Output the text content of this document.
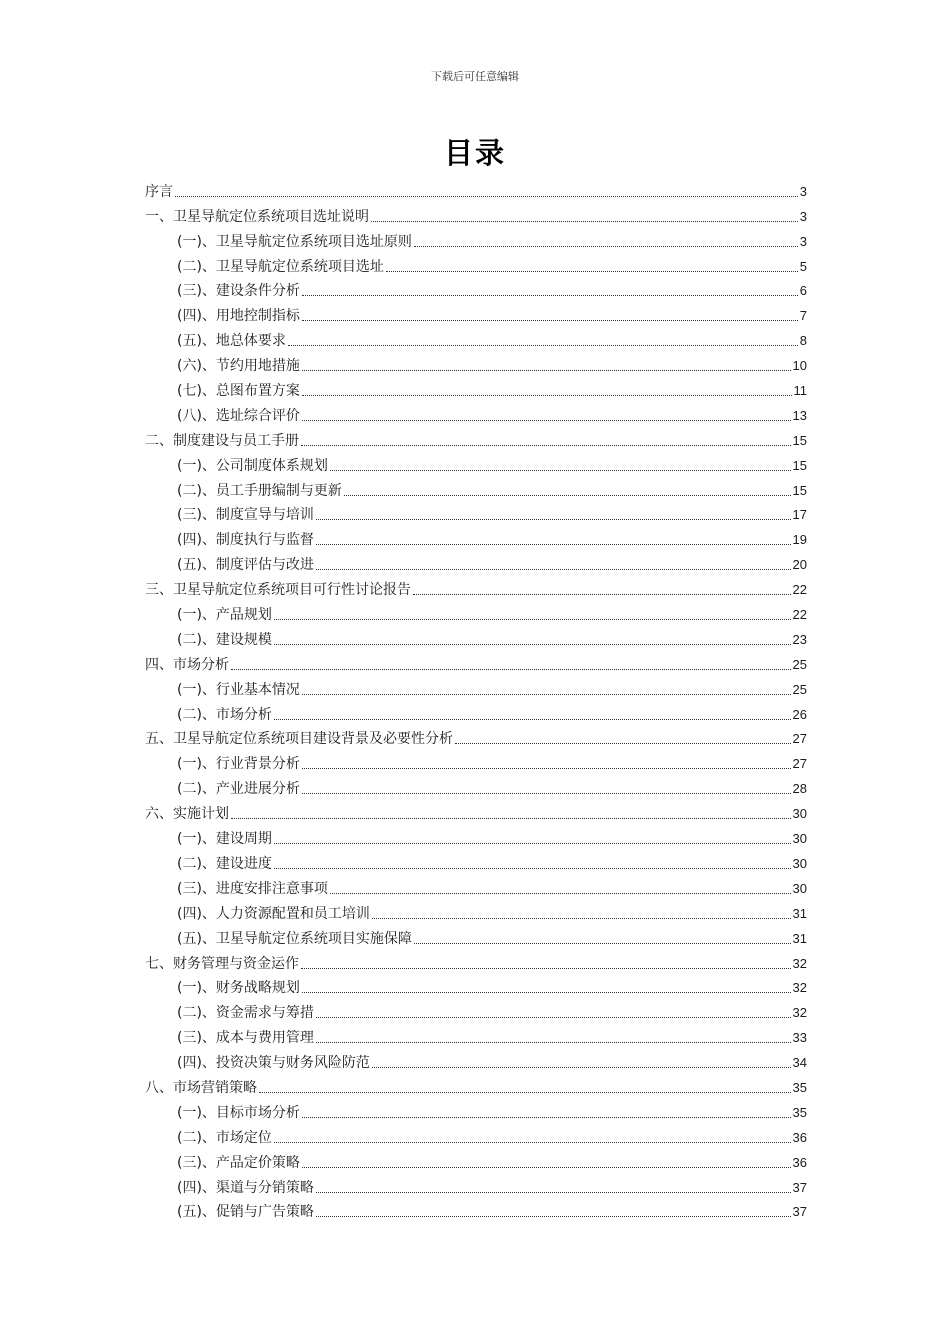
下载后可任意编辑
目录
序言	3
一、卫星导航定位系统项目选址说明	3
(一)、卫星导航定位系统项目选址原则	3
(二)、卫星导航定位系统项目选址	5
(三)、建设条件分析	6
(四)、用地控制指标	7
(五)、地总体要求	8
(六)、节约用地措施	10
(七)、总图布置方案	11
(八)、选址综合评价	13
二、制度建设与员工手册	15
(一)、公司制度体系规划	15
(二)、员工手册编制与更新	15
(三)、制度宣导与培训	17
(四)、制度执行与监督	19
(五)、制度评估与改进	20
三、卫星导航定位系统项目可行性讨论报告	22
(一)、产品规划	22
(二)、建设规模	23
四、市场分析	25
(一)、行业基本情况	25
(二)、市场分析	26
五、卫星导航定位系统项目建设背景及必要性分析	27
(一)、行业背景分析	27
(二)、产业进展分析	28
六、实施计划	30
(一)、建设周期	30
(二)、建设进度	30
(三)、进度安排注意事项	30
(四)、人力资源配置和员工培训	31
(五)、卫星导航定位系统项目实施保障	31
七、财务管理与资金运作	32
(一)、财务战略规划	32
(二)、资金需求与筹措	32
(三)、成本与费用管理	33
(四)、投资决策与财务风险防范	34
八、市场营销策略	35
(一)、目标市场分析	35
(二)、市场定位	36
(三)、产品定价策略	36
(四)、渠道与分销策略	37
(五)、促销与广告策略	37
